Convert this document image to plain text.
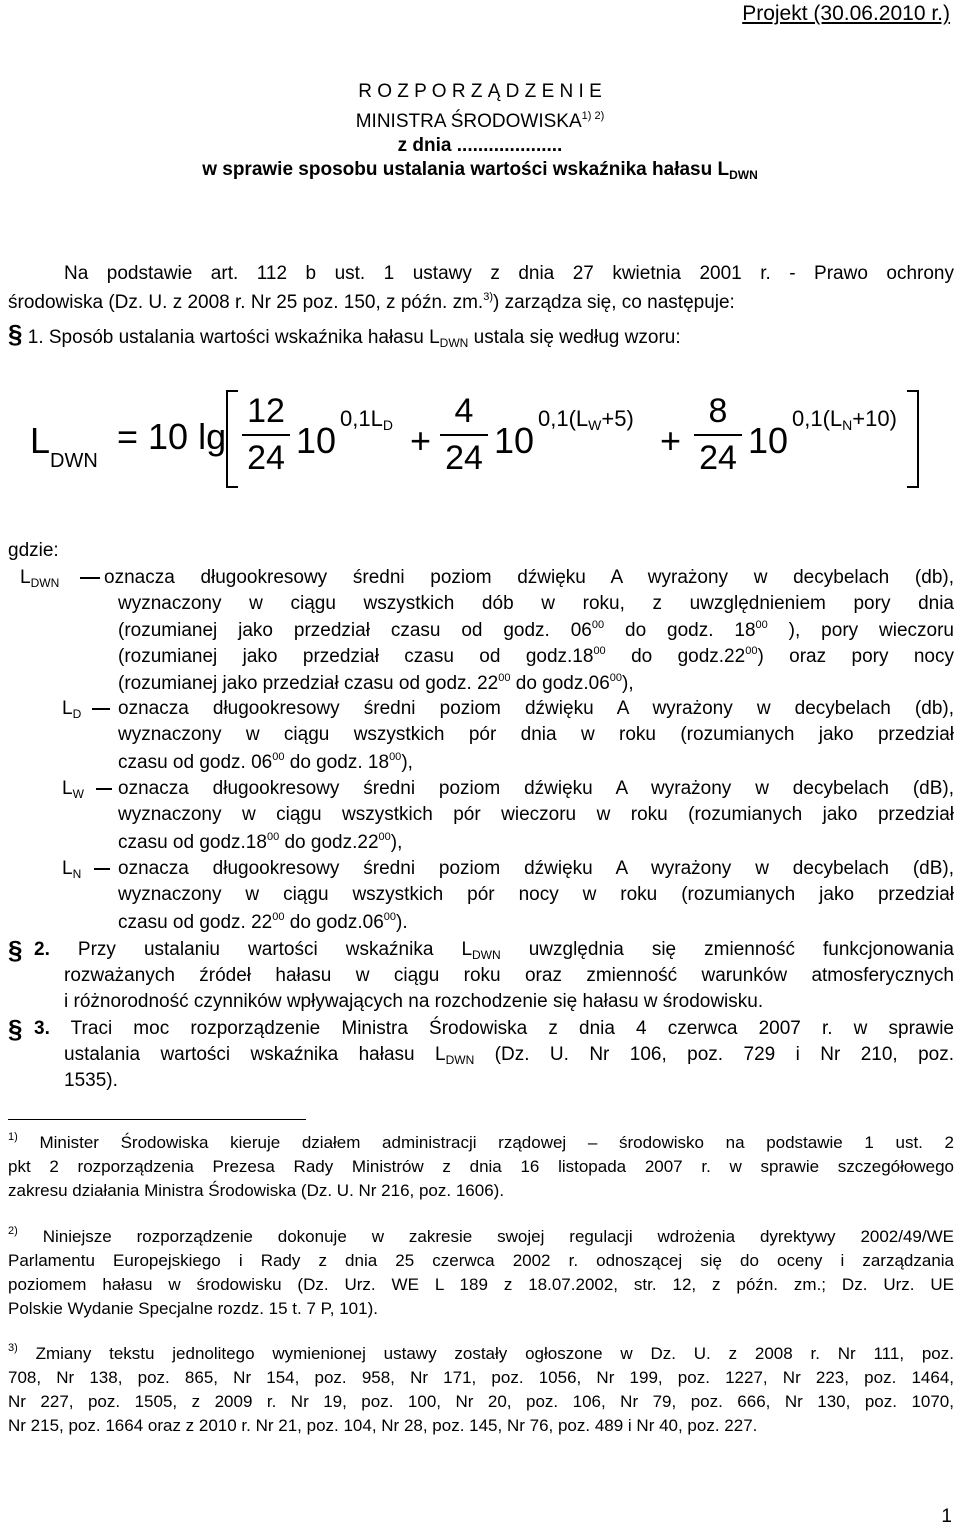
Projekt (30.06.2010 r.)
R O Z P O R Z Ą D Z E N I E
MINISTRA $ŚRODOWISKA^{1) 2)}$
z dnia ....................
w sprawie sposobu ustalania wartości wskaźnika hałasu $L_{DWN}$
Na podstawie art. 112 b ust. 1 ustawy z dnia 27 kwietnia 2001 r. - Prawo ochrony
środowiska (Dz. U. z 2008 r. Nr 25 poz. 150, z późn. zm.$^{3)}$) zarządza się, co następuje:
§ 1. Sposób ustalania wartości wskaźnika hałasu $L_{DWN}$ ustala się według wzoru:
$L_{DWN}$
= 10 lg
12
24 10
0,1LD +
4
24 10
0,1(LW+5)
+
8
24 10
0,1(LN+10)
gdzie:
$L_{DWN}$ oznacza długookresowy średni poziom dźwięku A wyrażony w decybelach (db),
wyznaczony w ciągu wszystkich dób w roku, z uwzględnieniem pory dnia
(rozumianej jako przedział czasu od godz. $06^{00}$ do godz. $18^{00}$ ), pory wieczoru
(rozumianej jako przedział czasu od $godz.18^{00}$ do $godz.22^{00}$) oraz pory nocy
(rozumianej jako przedział czasu od godz. $22^{00}$ do $godz.06^{00}$),
$L_D$ oznacza długookresowy średni poziom dźwięku A wyrażony w decybelach (db),
wyznaczony w ciągu wszystkich pór dnia w roku (rozumianych jako przedział
czasu od godz. $06^{00}$ do godz. $18^{00}$),
$L_W$ oznacza długookresowy średni poziom dźwięku A wyrażony w decybelach (dB),
wyznaczony w ciągu wszystkich pór wieczoru w roku (rozumianych jako przedział
czasu od $godz.18^{00}$ do $godz.22^{00}$),
$L_N$ oznacza długookresowy średni poziom dźwięku A wyrażony w decybelach (dB),
wyznaczony w ciągu wszystkich pór nocy w roku (rozumianych jako przedział
czasu od godz. $22^{00}$ do $godz.06^{00}$).
§ 2. Przy ustalaniu wartości wskaźnika $L_{DWN}$ uwzględnia się zmienność funkcjonowania
rozważanych źródeł hałasu w ciągu roku oraz zmienność warunków atmosferycznych
i różnorodność czynników wpływających na rozchodzenie się hałasu w środowisku.
§ 3. Traci moc rozporządzenie Ministra Środowiska z dnia 4 czerwca 2007 r. w sprawie
ustalania wartości wskaźnika hałasu $L_{DWN}$ (Dz. U. Nr 106, poz. 729 i Nr 210, poz.
1535).
$^{1)}$ Minister Środowiska kieruje działem administracji rządowej – środowisko na podstawie 1 ust. 2
pkt 2 rozporządzenia Prezesa Rady Ministrów z dnia 16 listopada 2007 r. w sprawie szczegółowego
zakresu działania Ministra Środowiska (Dz. U. Nr 216, poz. 1606).
$^{2)}$ Niniejsze rozporządzenie dokonuje w zakresie swojej regulacji wdrożenia dyrektywy 2002/49/WE
Parlamentu Europejskiego i Rady z dnia 25 czerwca 2002 r. odnoszącej się do oceny i zarządzania
poziomem hałasu w środowisku (Dz. Urz. WE L 189 z 18.07.2002, str. 12, z późn. zm.; Dz. Urz. UE
Polskie Wydanie Specjalne rozdz. 15 t. 7 P, 101).
$^{3)}$ Zmiany tekstu jednolitego wymienionej ustawy zostały ogłoszone w Dz. U. z 2008 r. Nr 111, poz.
708, Nr 138, poz. 865, Nr 154, poz. 958, Nr 171, poz. 1056, Nr 199, poz. 1227, Nr 223, poz. 1464,
Nr 227, poz. 1505, z 2009 r. Nr 19, poz. 100, Nr 20, poz. 106, Nr 79, poz. 666, Nr 130, poz. 1070,
Nr 215, poz. 1664 oraz z 2010 r. Nr 21, poz. 104, Nr 28, poz. 145, Nr 76, poz. 489 i Nr 40, poz. 227.
1
